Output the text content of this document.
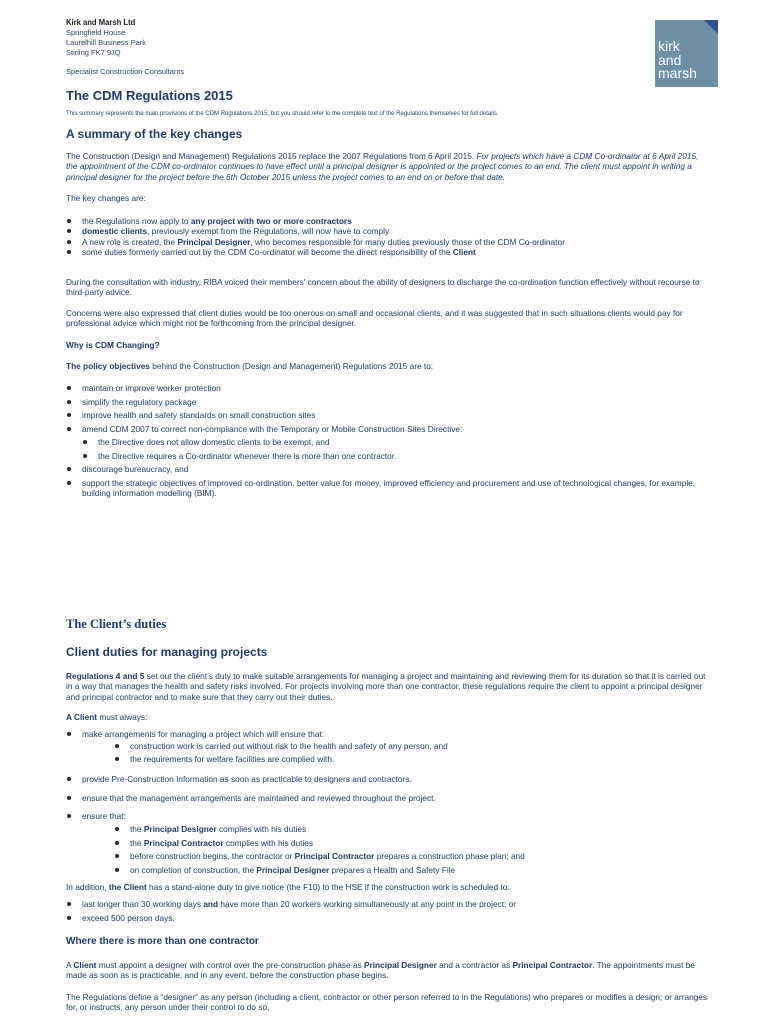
Kirk and Marsh Ltd
Springfield House
Laurelhill Business Park
Stirling FK7 9JQ
Specialist Construction Consultants
kirk
and
marsh
The CDM Regulations 2015
This summary represents the main provisions of the CDM Regulations 2015, but you should refer to the complete text of the Regulations themselves for full details.
A summary of the key changes
The Construction (Design and Management) Regulations 2015 replace the 2007 Regulations from 6 April 2015. For projects which have a CDM Co-ordinator at 6 April 2015, the appointment of the CDM co-ordinator continues to have effect until a principal designer is appointed or the project comes to an end. The client must appoint in writing a principal designer for the project before the 6th October 2015 unless the project comes to an end on or before that date.
The key changes are:
the Regulations now apply to any project with two or more contractors
domestic clients, previously exempt from the Regulations, will now have to comply
A new role is created, the Principal Designer, who becomes responsible for many duties previously those of the CDM Co-ordinator
some duties formerly carried out by the CDM Co-ordinator will become the direct responsibility of the Client
During the consultation with industry, RIBA voiced their members' concern about the ability of designers to discharge the co-ordination function effectively without recourse to third-party advice.
Concerns were also expressed that client duties would be too onerous on small and occasional clients, and it was suggested that in such situations clients would pay for professional advice which might not be forthcoming from the principal designer.
Why is CDM Changing?
The policy objectives behind the Construction (Design and Management) Regulations 2015 are to:
maintain or improve worker protection
simplify the regulatory package
improve health and safety standards on small construction sites
amend CDM 2007 to correct non-compliance with the Temporary or Mobile Construction Sites Directive:
the Directive does not allow domestic clients to be exempt, and
the Directive requires a Co-ordinator whenever there is more than one contractor.
discourage bureaucracy, and
support the strategic objectives of improved co-ordination, better value for money, improved efficiency and procurement and use of technological changes, for example, building information modelling (BIM).
The Client’s duties
Client duties for managing projects
Regulations 4 and 5 set out the client’s duty to make suitable arrangements for managing a project and maintaining and reviewing them for its duration so that it is carried out in a way that manages the health and safety risks involved. For projects involving more than one contractor, these regulations require the client to appoint a principal designer and principal contractor and to make sure that they carry out their duties.
A Client must always:
make arrangements for managing a project which will ensure that:
construction work is carried out without risk to the health and safety of any person, and
the requirements for welfare facilities are complied with.
provide Pre-Construction Information as soon as practicable to designers and contractors.
ensure that the management arrangements are maintained and reviewed throughout the project.
ensure that:
the Principal Designer complies with his duties
the Principal Contractor complies with his duties
before construction begins, the contractor or Principal Contractor prepares a construction phase plan; and
on completion of construction, the Principal Designer prepares a Health and Safety File
In addition, the Client has a stand-alone duty to give notice (the F10) to the HSE if the construction work is scheduled to:
last longer than 30 working days and have more than 20 workers working simultaneously at any point in the project; or
exceed 500 person days.
Where there is more than one contractor
A Client must appoint a designer with control over the pre-construction phase as Principal Designer and a contractor as Principal Contractor. The appointments must be made as soon as is practicable, and in any event, before the construction phase begins.
The Regulations define a “designer” as any person (including a client, contractor or other person referred to in the Regulations) who prepares or modifies a design; or arranges for, or instructs, any person under their control to do so,
